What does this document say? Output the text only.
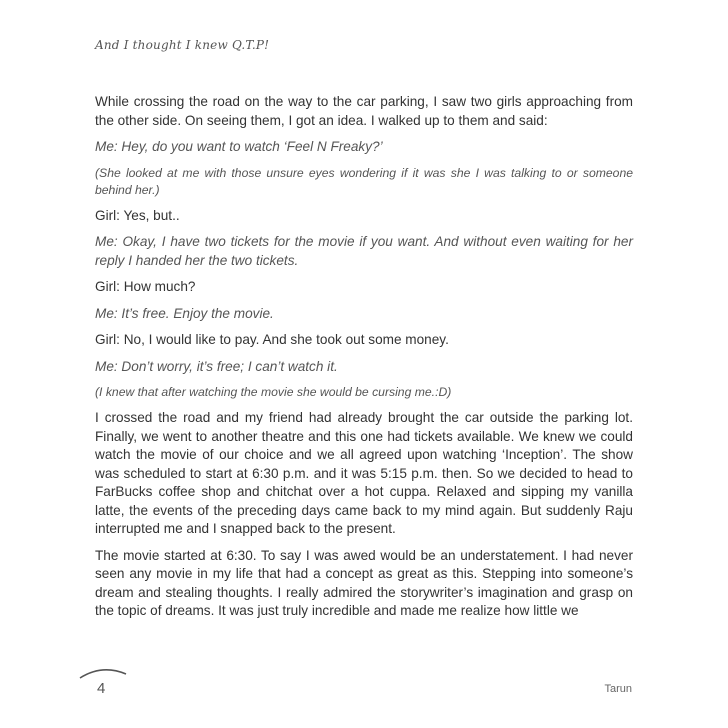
And I thought I knew Q.T.P!

While crossing the road on the way to the car parking, I saw two girls approaching from the other side. On seeing them, I got an idea. I walked up to them and said:

Me: Hey, do you want to watch ‘Feel N Freaky?’

(She looked at me with those unsure eyes wondering if it was she I was talking to or someone behind her.)

Girl: Yes, but..

Me: Okay, I have two tickets for the movie if you want. And without even waiting for her reply I handed her the two tickets.

Girl: How much?

Me: It’s free. Enjoy the movie.

Girl: No, I would like to pay. And she took out some money.

Me: Don’t worry, it’s free; I can’t watch it.

(I knew that after watching the movie she would be cursing me.:D)

I crossed the road and my friend had already brought the car outside the parking lot. Finally, we went to another theatre and this one had tickets available. We knew we could watch the movie of our choice and we all agreed upon watching ‘Inception’. The show was scheduled to start at 6:30 p.m. and it was 5:15 p.m. then. So we decided to head to FarBucks coffee shop and chitchat over a hot cuppa. Relaxed and sipping my vanilla latte, the events of the preceding days came back to my mind again. But suddenly Raju interrupted me and I snapped back to the present.

The movie started at 6:30. To say I was awed would be an understatement. I had never seen any movie in my life that had a concept as great as this. Stepping into someone’s dream and stealing thoughts. I really admired the storywriter’s imagination and grasp on the topic of dreams. It was just truly incredible and made me realize how little we

4	Tarun
